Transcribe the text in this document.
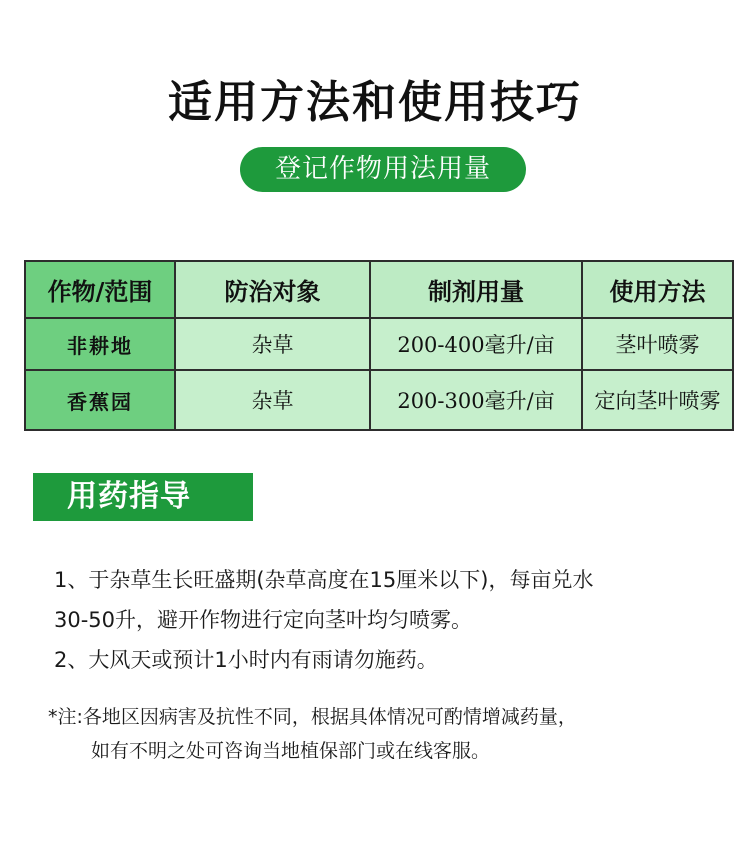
适用方法和使用技巧
登记作物用法用量
作物/范围	防治对象	制剂用量	使用方法
非耕地	杂草	200-400毫升/亩	茎叶喷雾
香蕉园	杂草	200-300毫升/亩	定向茎叶喷雾
用药指导

1、于杂草生长旺盛期(杂草高度在15厘米以下)，每亩兑水

30-50升，避开作物进行定向茎叶均匀喷雾。

2、大风天或预计1小时内有雨请勿施药。

*注:各地区因病害及抗性不同，根据具体情况可酌情增减药量，

如有不明之处可咨询当地植保部门或在线客服。
